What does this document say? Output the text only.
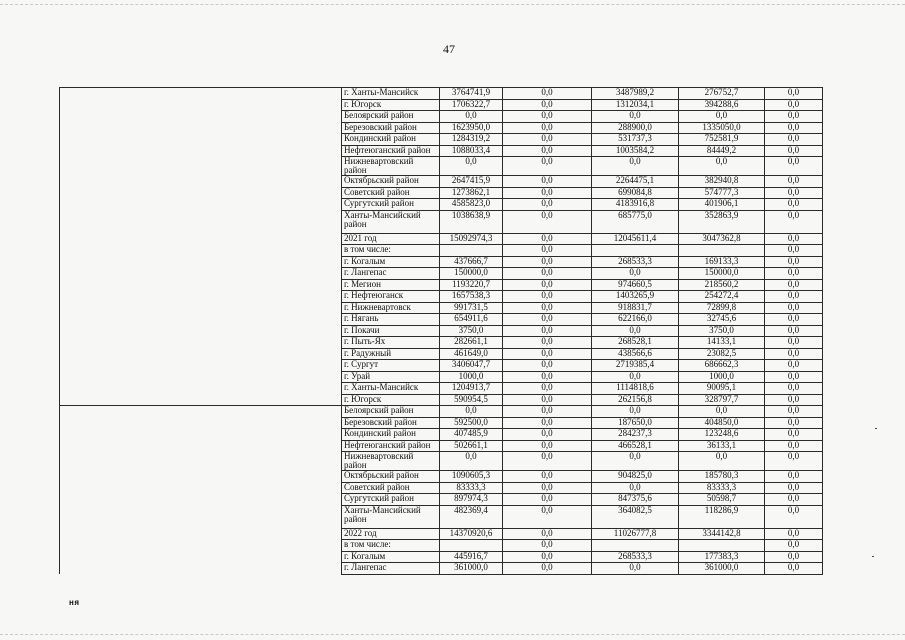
47
	г. Ханты-Мансийск	3764741,9	0,0	3487989,2	276752,7	0,0
	г. Югорск	1706322,7	0,0	1312034,1	394288,6	0,0
	Белоярский район	0,0	0,0	0,0	0,0	0,0
	Березовский район	1623950,0	0,0	288900,0	1335050,0	0,0
	Кондинский район	1284319,2	0,0	531737,3	752581,9	0,0
	Нефтеюганский район	1088033,4	0,0	1003584,2	84449,2	0,0
	Нижневартовский район	0,0	0,0	0,0	0,0	0,0
	Октябрьский район	2647415,9	0,0	2264475,1	382940,8	0,0
	Советский район	1273862,1	0,0	699084,8	574777,3	0,0
	Сургутский район	4585823,0	0,0	4183916,8	401906,1	0,0
	Ханты-Мансийский район	1038638,9	0,0	685775,0	352863,9	0,0
	2021 год	15092974,3	0,0	12045611,4	3047362,8	0,0
	в том числе:		0,0			0,0
	г. Когалым	437666,7	0,0	268533,3	169133,3	0,0
	г. Лангепас	150000,0	0,0	0,0	150000,0	0,0
	г. Мегион	1193220,7	0,0	974660,5	218560,2	0,0
	г. Нефтеюганск	1657538,3	0,0	1403265,9	254272,4	0,0
	г. Нижневартовск	991731,5	0,0	918831,7	72899,8	0,0
	г. Нягань	654911,6	0,0	622166,0	32745,6	0,0
	г. Покачи	3750,0	0,0	0,0	3750,0	0,0
	г. Пыть-Ях	282661,1	0,0	268528,1	14133,1	0,0
	г. Радужный	461649,0	0,0	438566,6	23082,5	0,0
	г. Сургут	3406047,7	0,0	2719385,4	686662,3	0,0
	г. Урай	1000,0	0,0	0,0	1000,0	0,0
	г. Ханты-Мансийск	1204913,7	0,0	1114818,6	90095,1	0,0
	г. Югорск	590954,5	0,0	262156,8	328797,7	0,0
	Белоярский район	0,0	0,0	0,0	0,0	0,0
	Березовский район	592500,0	0,0	187650,0	404850,0	0,0
	Кондинский район	407485,9	0,0	284237,3	123248,6	0,0
	Нефтеюганский район	502661,1	0,0	466528,1	36133,1	0,0
	Нижневартовский район	0,0	0,0	0,0	0,0	0,0
	Октябрьский район	1090605,3	0,0	904825,0	185780,3	0,0
	Советский район	83333,3	0,0	0,0	83333,3	0,0
	Сургутский район	897974,3	0,0	847375,6	50598,7	0,0
	Ханты-Мансийский район	482369,4	0,0	364082,5	118286,9	0,0
	2022 год	14370920,6	0,0	11026777,8	3344142,8	0,0
	в том числе:		0,0			0,0
	г. Когалым	445916,7	0,0	268533,3	177383,3	0,0
	г. Лангепас	361000,0	0,0	0,0	361000,0	0,0
ня
